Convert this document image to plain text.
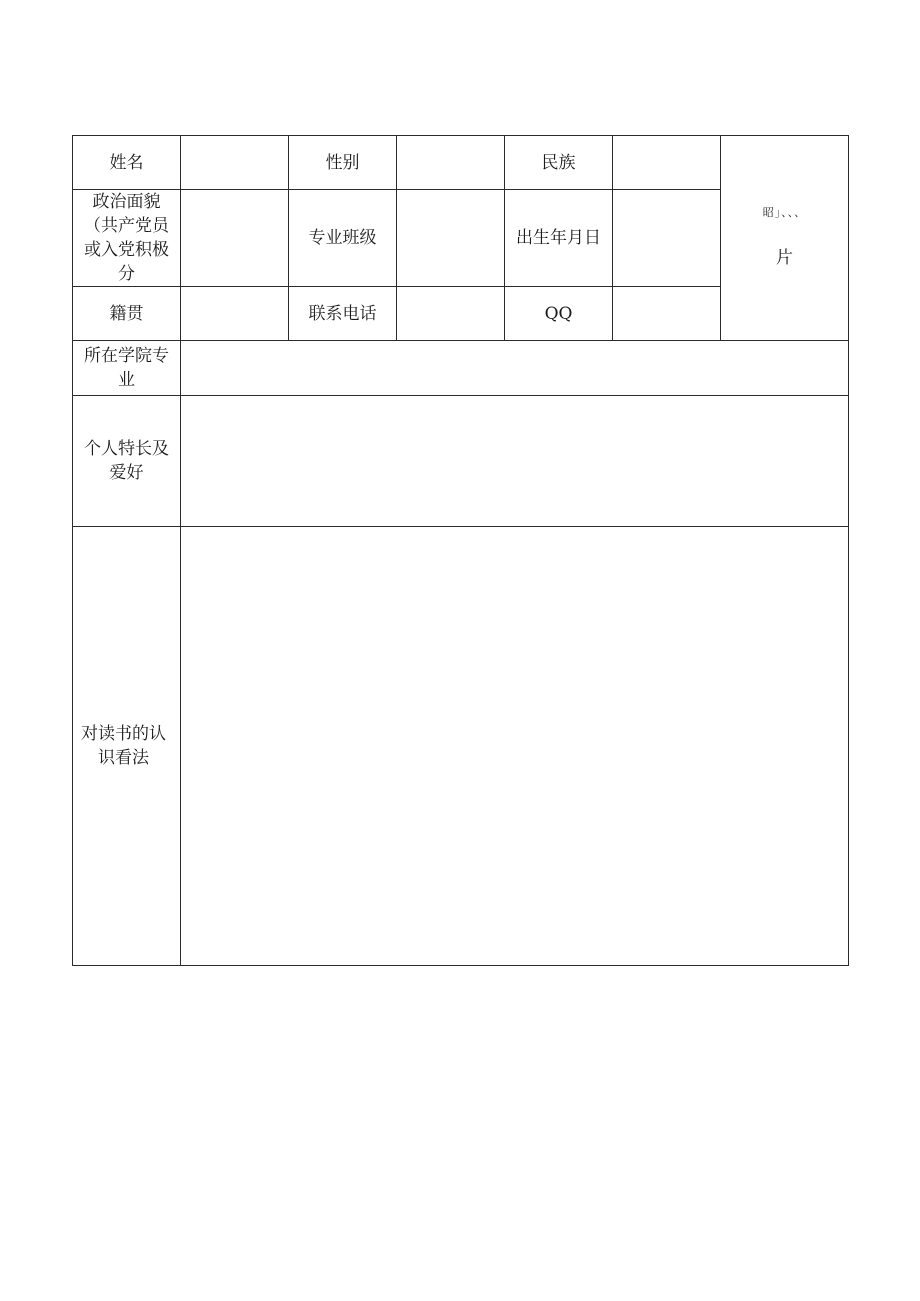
姓名		性别		民族		昭」、、、
片

政治面貌（共产党员或入党积极分		专业班级		出生年月日		

籍贯		联系电话		QQ		

所在学院专业						

个人特长及爱好						

对读书的认识看法						
